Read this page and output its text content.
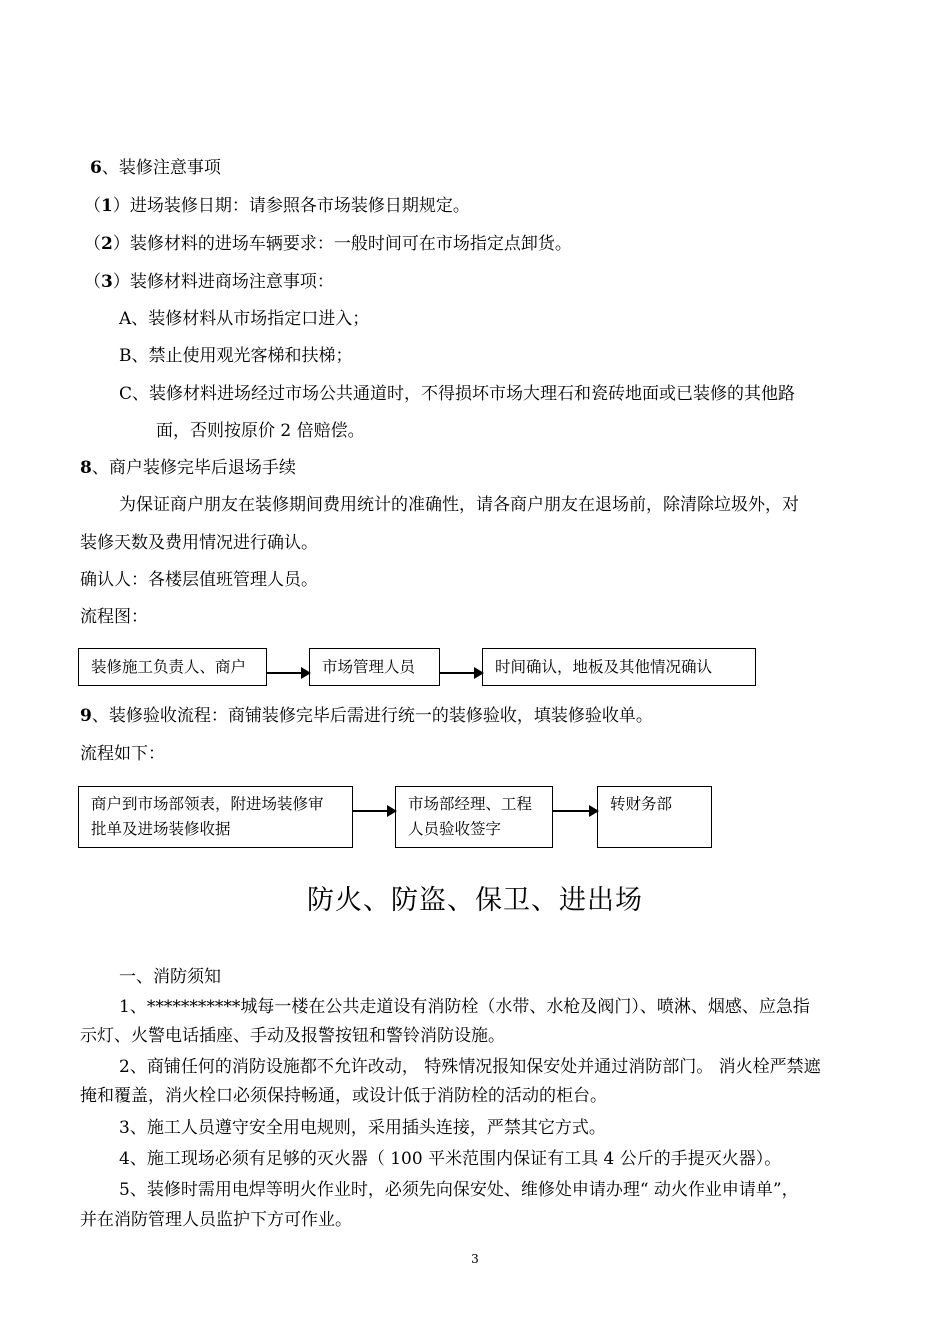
6、装修注意事项
（1）进场装修日期：请参照各市场装修日期规定。
（2）装修材料的进场车辆要求：一般时间可在市场指定点卸货。
（3）装修材料进商场注意事项：
A、装修材料从市场指定口进入；
B、禁止使用观光客梯和扶梯；
C、装修材料进场经过市场公共通道时，不得损坏市场大理石和瓷砖地面或已装修的其他路
面，否则按原价 2 倍赔偿。
8、商户装修完毕后退场手续
为保证商户朋友在装修期间费用统计的准确性，请各商户朋友在退场前，除清除垃圾外，对
装修天数及费用情况进行确认。
确认人：各楼层值班管理人员。
流程图：
装修施工负责人、商户	市场管理人员	时间确认，地板及其他情况确认
9、装修验收流程：商铺装修完毕后需进行统一的装修验收，填装修验收单。
流程如下：
商户到市场部领表，附进场装修审
批单及进场装修收据
市场部经理、工程
人员验收签字
转财务部
防火、防盗、保卫、进出场
一、消防须知
1、***********城每一楼在公共走道设有消防栓（水带、水枪及阀门）、喷淋、烟感、应急指
示灯、火警电话插座、手动及报警按钮和警铃消防设施。
2、商铺任何的消防设施都不允许改动， 特殊情况报知保安处并通过消防部门。 消火栓严禁遮
掩和覆盖，消火栓口必须保持畅通，或设计低于消防栓的活动的柜台。
3、施工人员遵守安全用电规则，采用插头连接，严禁其它方式。
4、施工现场必须有足够的灭火器（ 100 平米范围内保证有工具 4 公斤的手提灭火器）。
5、装修时需用电焊等明火作业时，必须先向保安处、维修处申请办理“ 动火作业申请单”，
并在消防管理人员监护下方可作业。
3
